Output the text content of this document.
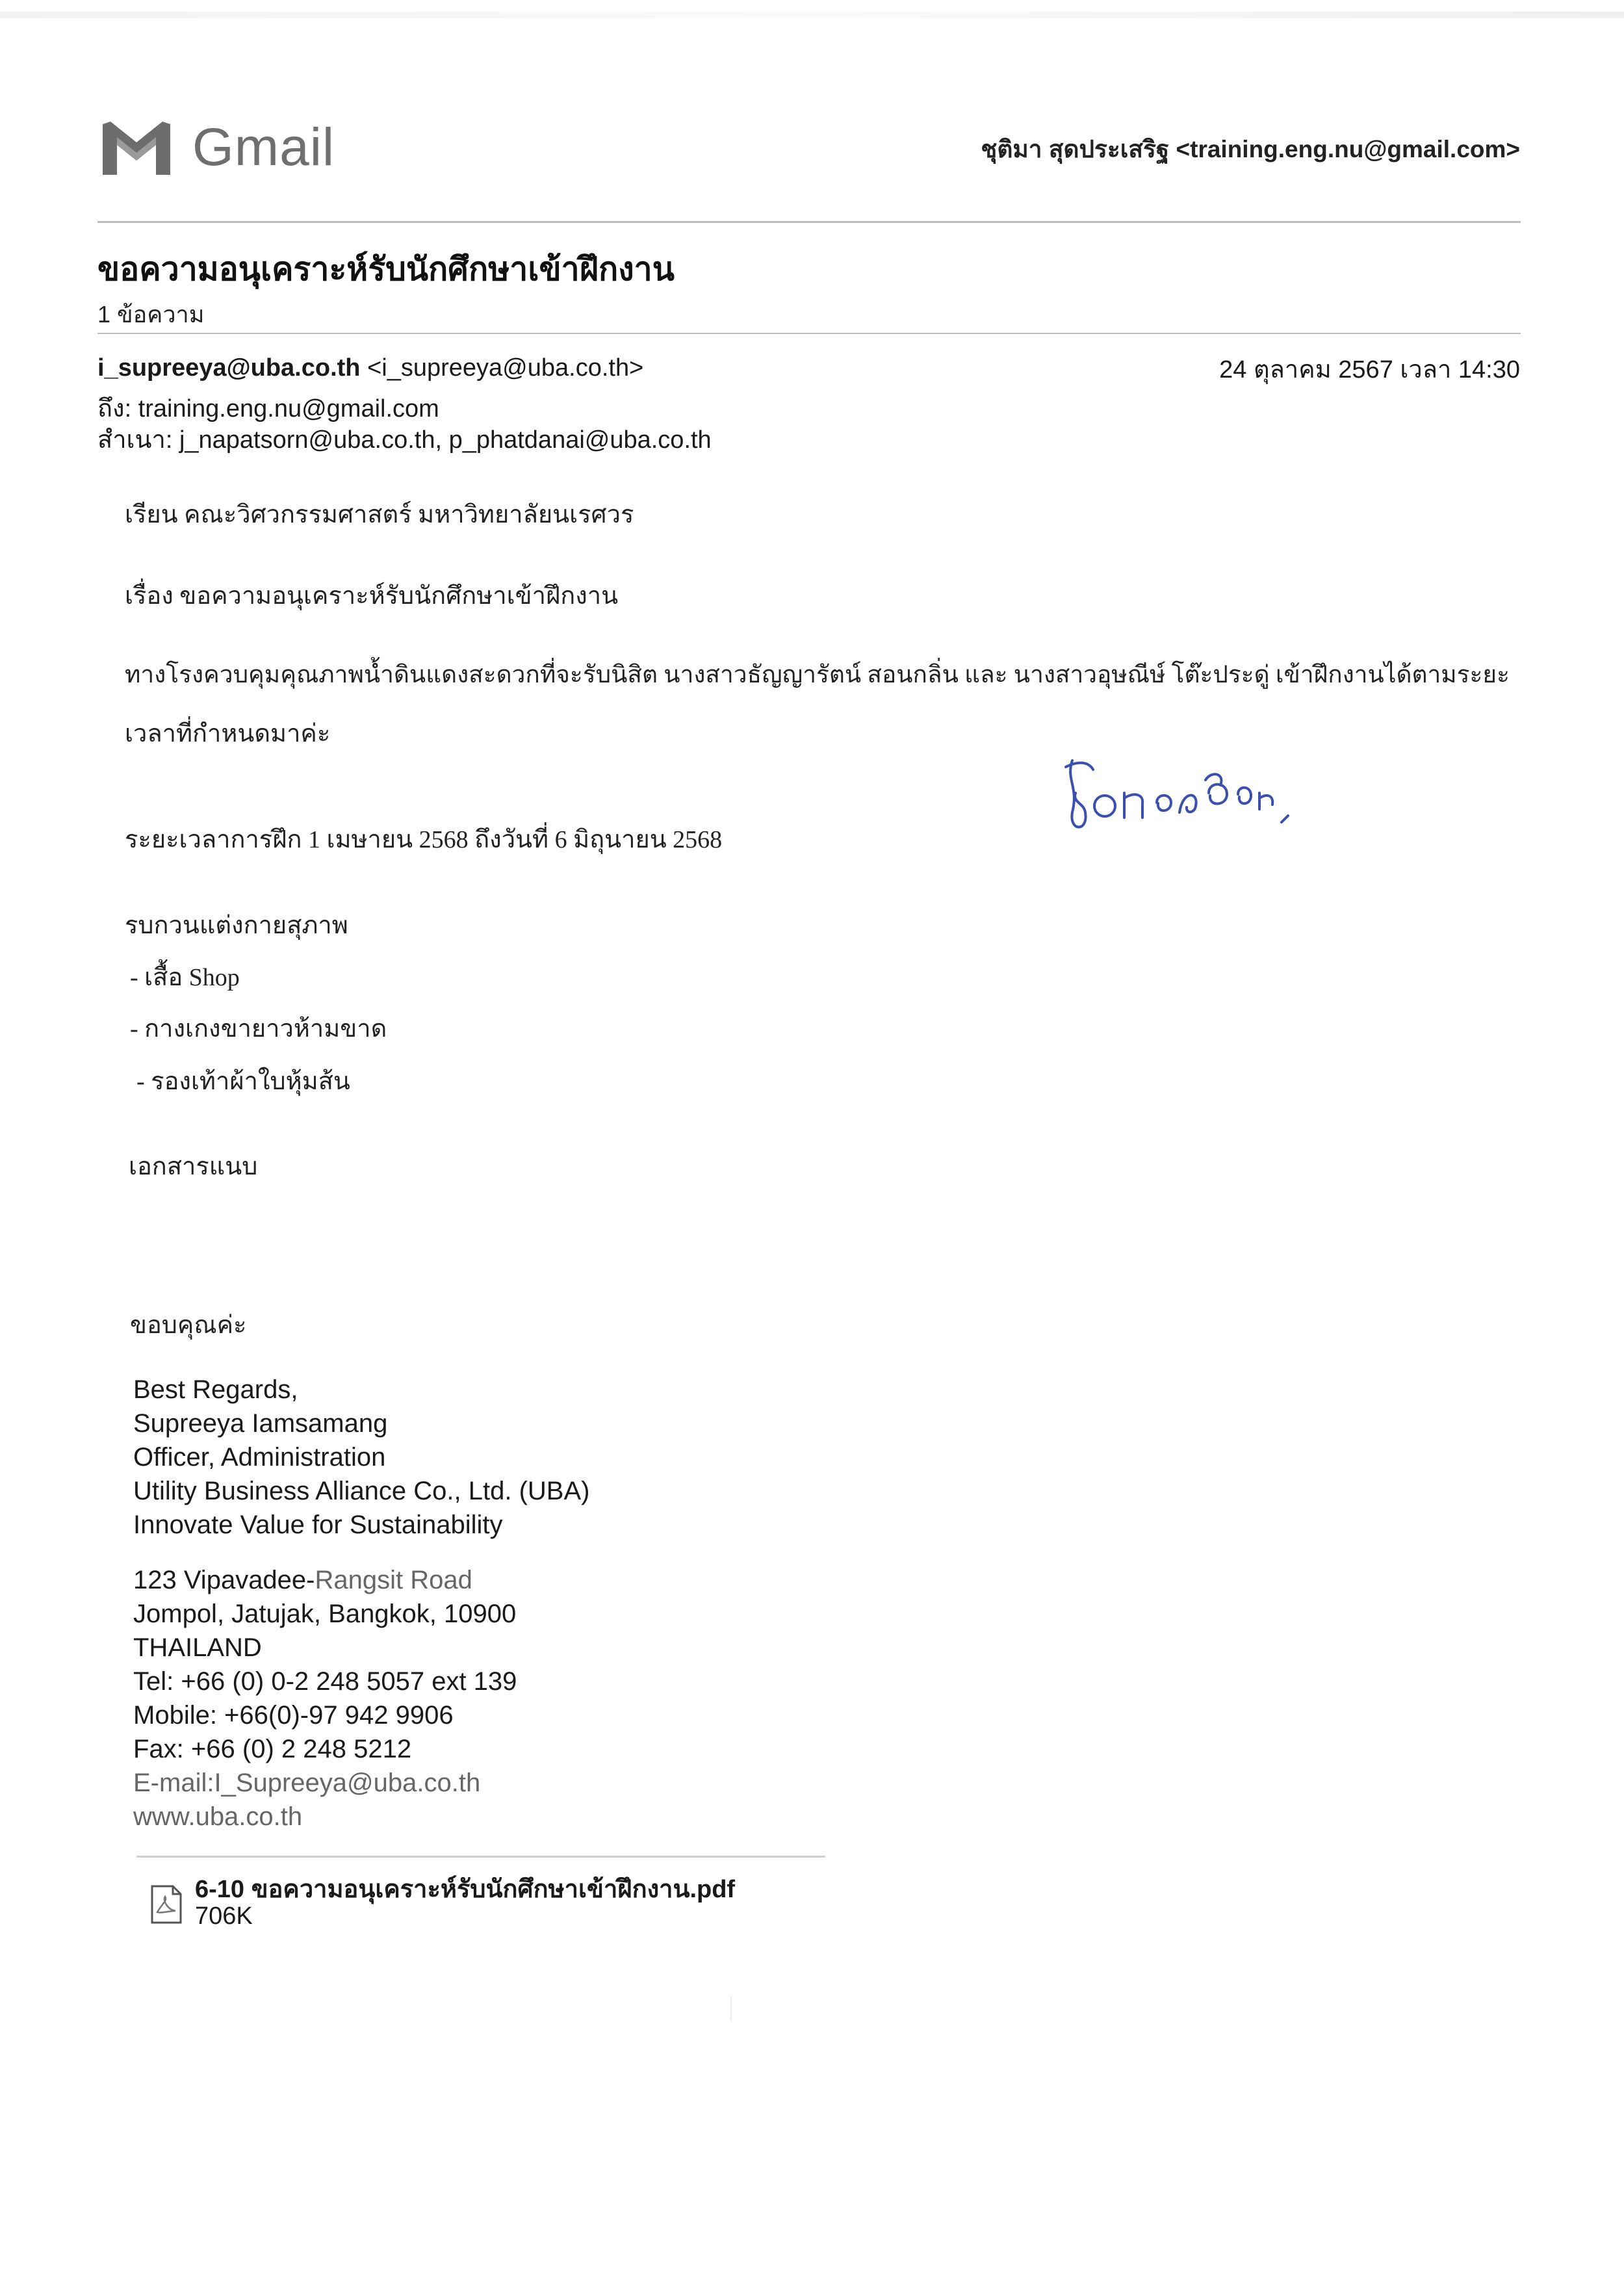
Gmail	ชุติมา สุดประเสริฐ <training.eng.nu@gmail.com>
ขอความอนุเคราะห์รับนักศึกษาเข้าฝึกงาน
1 ข้อความ
i_supreeya@uba.co.th <i_supreeya@uba.co.th>	24 ตุลาคม 2567 เวลา 14:30
ถึง: training.eng.nu@gmail.com
สำเนา: j_napatsorn@uba.co.th, p_phatdanai@uba.co.th
เรียน คณะวิศวกรรมศาสตร์ มหาวิทยาลัยนเรศวร
เรื่อง ขอความอนุเคราะห์รับนักศึกษาเข้าฝึกงาน
ทางโรงควบคุมคุณภาพน้ำดินแดงสะดวกที่จะรับนิสิต นางสาวธัญญารัตน์ สอนกลิ่น และ นางสาวอุษณีษ์ โต๊ะประดู่ เข้าฝึกงานได้ตามระยะ
เวลาที่กำหนดมาค่ะ
ระยะเวลาการฝึก 1 เมษายน 2568 ถึงวันที่ 6 มิถุนายน 2568
รบกวนแต่งกายสุภาพ
- เสื้อ Shop
- กางเกงขายาวห้ามขาด
- รองเท้าผ้าใบหุ้มส้น
เอกสารแนบ
ขอบคุณค่ะ
Best Regards,
Supreeya Iamsamang
Officer, Administration
Utility Business Alliance Co., Ltd. (UBA)
Innovate Value for Sustainability
123 Vipavadee-Rangsit Road
Jompol, Jatujak, Bangkok, 10900
THAILAND
Tel: +66 (0) 0-2 248 5057 ext 139
Mobile: +66(0)-97 942 9906
Fax: +66 (0) 2 248 5212
E-mail:I_Supreeya@uba.co.th
www.uba.co.th
6-10 ขอความอนุเคราะห์รับนักศึกษาเข้าฝึกงาน.pdf
706K
